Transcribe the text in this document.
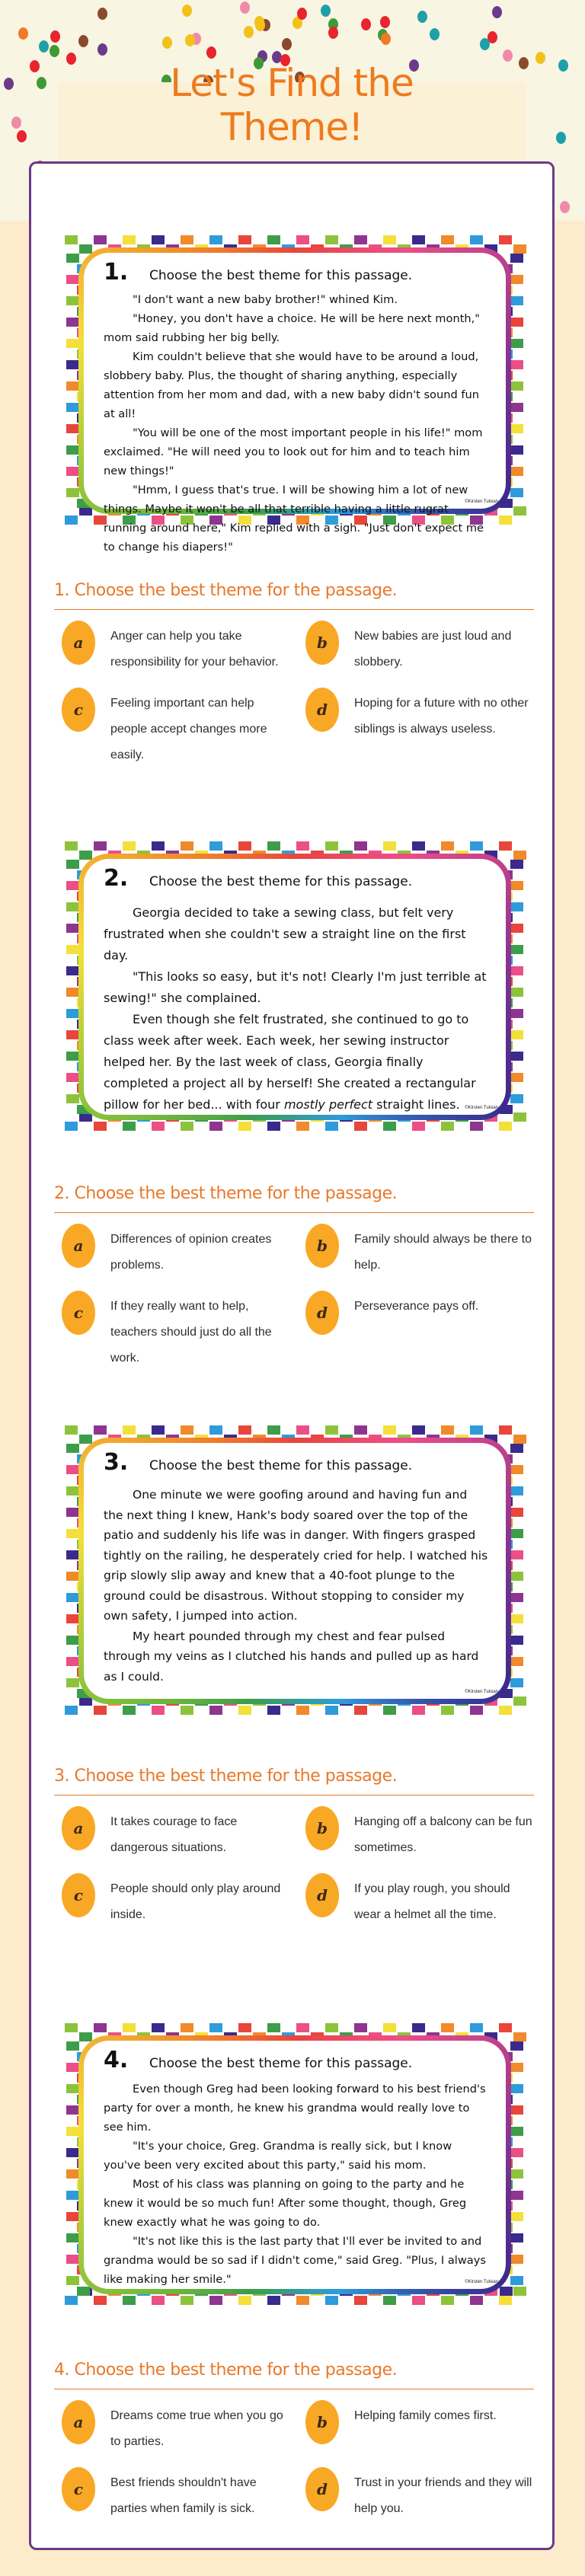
Let's Find the Theme!
1.	Choose the best theme for this passage.

"I don't want a new baby brother!" whined Kim.

"Honey, you don't have a choice. He will be here next month," mom said rubbing her big belly.

Kim couldn't believe that she would have to be around a loud, slobbery baby. Plus, the thought of sharing anything, especially attention from her mom and dad, with a new baby didn't sound fun at all!

"You will be one of the most important people in his life!" mom exclaimed. "He will need you to look out for him and to teach him new things!"

"Hmm, I guess that's true. I will be showing him a lot of new things. Maybe it won't be all that terrible having a little rugrat running around here," Kim replied with a sigh. "Just don't expect me to change his diapers!"

©Kirsten Tulsian
1. Choose the best theme for the passage.
a	Anger can help you take responsibility for your behavior.
b	New babies are just loud and slobbery.
c	Feeling important can help people accept changes more easily.
d	Hoping for a future with no other siblings is always useless.
2.	Choose the best theme for this passage.

Georgia decided to take a sewing class, but felt very frustrated when she couldn't sew a straight line on the first day.

"This looks so easy, but it's not! Clearly I'm just terrible at sewing!" she complained.

Even though she felt frustrated, she continued to go to class week after week. Each week, her sewing instructor helped her. By the last week of class, Georgia finally completed a project all by herself! She created a rectangular pillow for her bed... with four mostly perfect straight lines.	©Kirsten Tulsian
2. Choose the best theme for the passage.
a	Differences of opinion creates problems.
b	Family should always be there to help.
c	If they really want to help, teachers should just do all the work.
d	Perseverance pays off.
3.	Choose the best theme for this passage.

One minute we were goofing around and having fun and the next thing I knew, Hank's body soared over the top of the patio and suddenly his life was in danger. With fingers grasped tightly on the railing, he desperately cried for help. I watched his grip slowly slip away and knew that a 40-foot plunge to the ground could be disastrous. Without stopping to consider my own safety, I jumped into action.

My heart pounded through my chest and fear pulsed through my veins as I clutched his hands and pulled up as hard as I could.

©Kirsten Tulsian
3. Choose the best theme for the passage.
a	It takes courage to face dangerous situations.
b	Hanging off a balcony can be fun sometimes.
c	People should only play around inside.
d	If you play rough, you should wear a helmet all the time.
4.	Choose the best theme for this passage.

Even though Greg had been looking forward to his best friend's party for over a month, he knew his grandma would really love to see him.

"It's your choice, Greg. Grandma is really sick, but I know you've been very excited about this party," said his mom.

Most of his class was planning on going to the party and he knew it would be so much fun! After some thought, though, Greg knew exactly what he was going to do.

"It's not like this is the last party that I'll ever be invited to and grandma would be so sad if I didn't come," said Greg. "Plus, I always like making her smile."	©Kirsten Tulsian
4. Choose the best theme for the passage.
a	Dreams come true when you go to parties.
b	Helping family comes first.
c	Best friends shouldn't have parties when family is sick.
d	Trust in your friends and they will help you.
